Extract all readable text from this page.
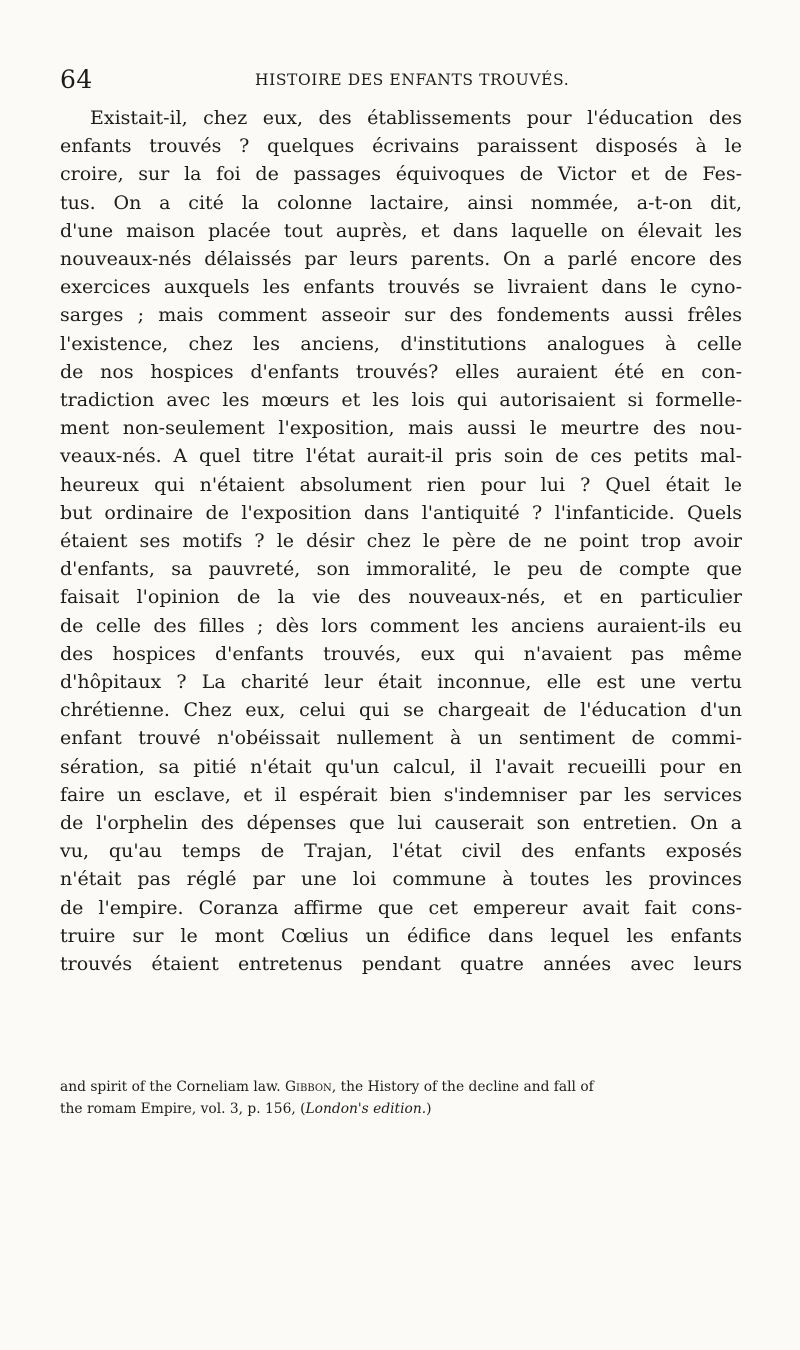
64	HISTOIRE DES ENFANTS TROUVÉS.
Existait-il, chez eux, des établissements pour l'éducation des
enfants trouvés ? quelques écrivains paraissent disposés à le
croire, sur la foi de passages équivoques de Victor et de Fes-
tus. On a cité la colonne lactaire, ainsi nommée, a-t-on dit,
d'une maison placée tout auprès, et dans laquelle on élevait les
nouveaux-nés délaissés par leurs parents. On a parlé encore des
exercices auxquels les enfants trouvés se livraient dans le cyno-
sarges ; mais comment asseoir sur des fondements aussi frêles
l'existence, chez les anciens, d'institutions analogues à celle
de nos hospices d'enfants trouvés? elles auraient été en con-
tradiction avec les mœurs et les lois qui autorisaient si formelle-
ment non-seulement l'exposition, mais aussi le meurtre des nou-
veaux-nés. A quel titre l'état aurait-il pris soin de ces petits mal-
heureux qui n'étaient absolument rien pour lui ? Quel était le
but ordinaire de l'exposition dans l'antiquité ? l'infanticide. Quels
étaient ses motifs ? le désir chez le père de ne point trop avoir
d'enfants, sa pauvreté, son immoralité, le peu de compte que
faisait l'opinion de la vie des nouveaux-nés, et en particulier
de celle des filles ; dès lors comment les anciens auraient-ils eu
des hospices d'enfants trouvés, eux qui n'avaient pas même
d'hôpitaux ? La charité leur était inconnue, elle est une vertu
chrétienne. Chez eux, celui qui se chargeait de l'éducation d'un
enfant trouvé n'obéissait nullement à un sentiment de commi-
sération, sa pitié n'était qu'un calcul, il l'avait recueilli pour en
faire un esclave, et il espérait bien s'indemniser par les services
de l'orphelin des dépenses que lui causerait son entretien. On a
vu, qu'au temps de Trajan, l'état civil des enfants exposés
n'était pas réglé par une loi commune à toutes les provinces
de l'empire. Coranza affirme que cet empereur avait fait cons-
truire sur le mont Cœlius un édifice dans lequel les enfants
trouvés étaient entretenus pendant quatre années avec leurs
and spirit of the Corneliam law. Gibbon, the History of the decline and fall of
the romam Empire, vol. 3, p. 156, (London's edition.)
